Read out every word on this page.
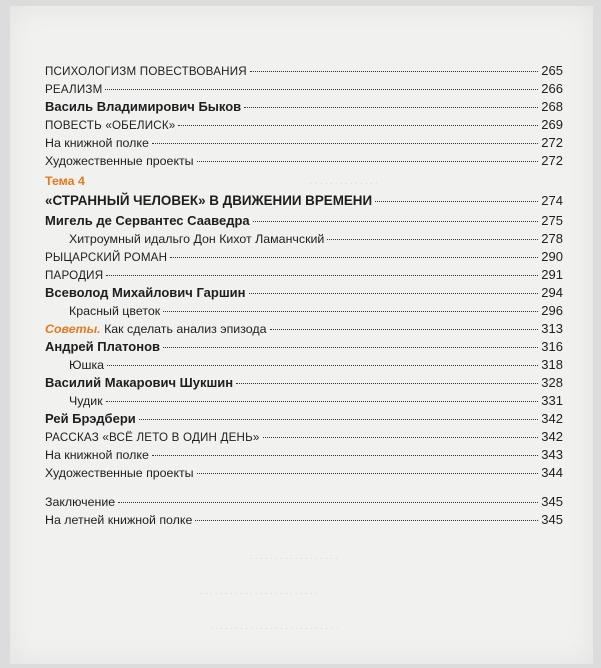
. . . . . . . . . . . . . . . . . . .
. . . . . . . . . . . . . .
. . . . . . . . . . . . . . . . . .
. . . . . . . . . . . . . . . . . . . . . . . .
. . . . . . . . . . . . . . . . . . . . . . . . . .
ПСИХОЛОГИЗМ ПОВЕСТВОВАНИЯ	265
РЕАЛИЗМ	266
Василь Владимирович Быков	268
ПОВЕСТЬ «ОБЕЛИСК»	269
На книжной полке	272
Художественные проекты	272
Тема 4
«СТРАННЫЙ ЧЕЛОВЕК» В ДВИЖЕНИИ ВРЕМЕНИ	274
Мигель де Сервантес Сааведра	275
Хитроумный идальго Дон Кихот Ламанчский	278
РЫЦАРСКИЙ РОМАН	290
ПАРОДИЯ	291
Всеволод Михайлович Гаршин	294
Красный цветок	296
Советы. Как сделать анализ эпизода	313
Андрей Платонов	316
Юшка	318
Василий Макарович Шукшин	328
Чудик	331
Рей Брэдбери	342
РАССКАЗ «ВСЁ ЛЕТО В ОДИН ДЕНЬ»	342
На книжной полке	343
Художественные проекты	344
Заключение	345
На летней книжной полке	345
